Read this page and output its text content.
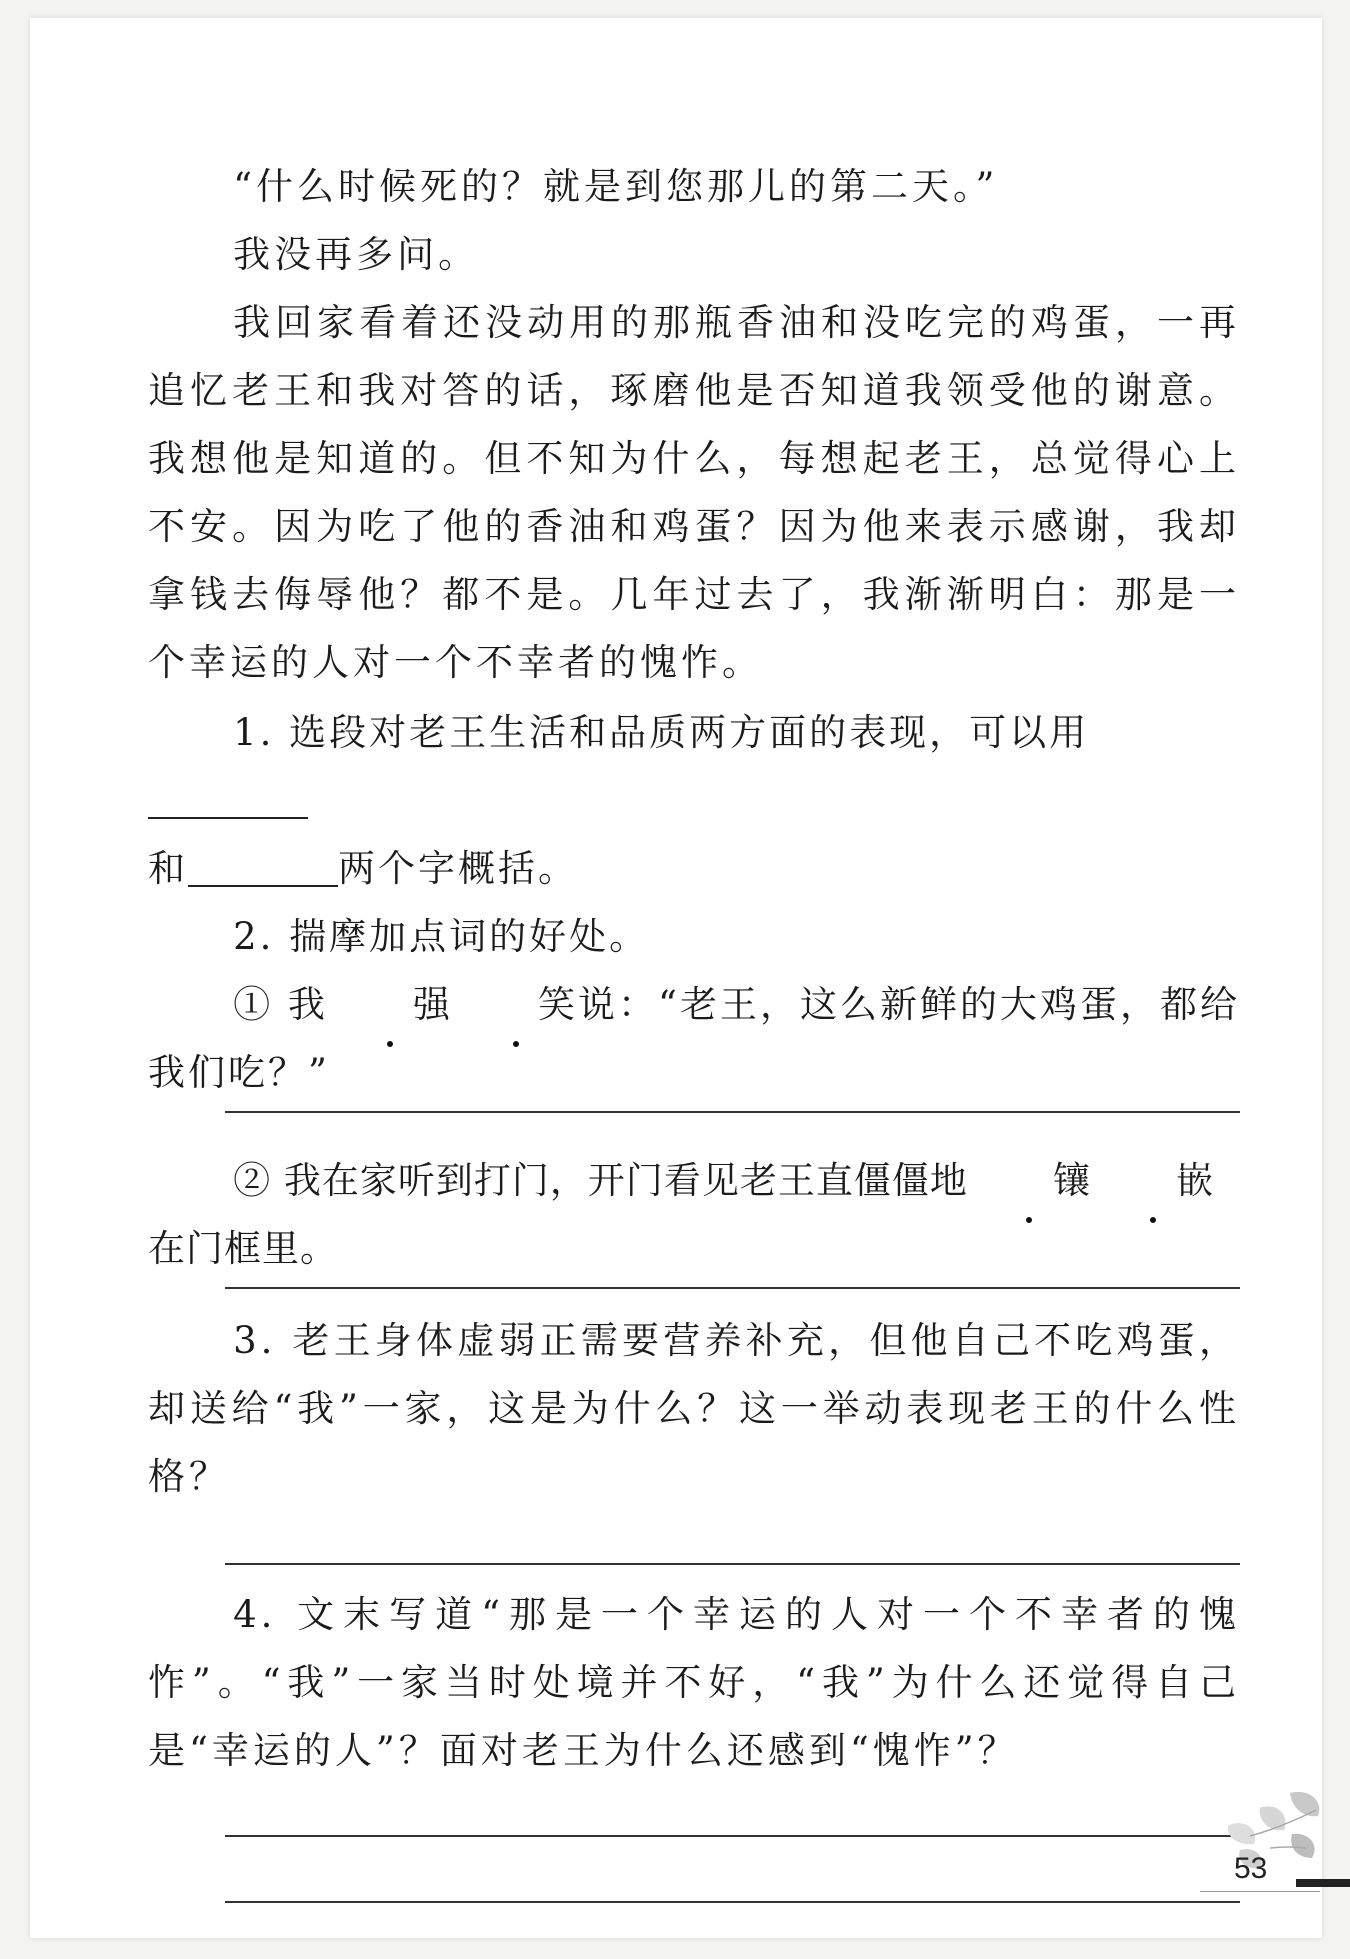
“什么时候死的？就是到您那儿的第二天。”

我没再多问。

我回家看着还没动用的那瓶香油和没吃完的鸡蛋，一再追忆老王和我对答的话，琢磨他是否知道我领受他的谢意。我想他是知道的。但不知为什么，每想起老王，总觉得心上不安。因为吃了他的香油和鸡蛋？因为他来表示感谢，我却拿钱去侮辱他？都不是。几年过去了，我渐渐明白：那是一个幸运的人对一个不幸者的愧怍。

1. 选段对老王生活和品质两方面的表现，可以用

和	两个字概括。

2. 揣摩加点词的好处。

① 我 强 笑说：“老王，这么新鲜的大鸡蛋，都给我们吃？”

② 我在家听到打门，开门看见老王直僵僵地 镶 嵌在门框里。

3. 老王身体虚弱正需要营养补充，但他自己不吃鸡蛋，却送给“我”一家，这是为什么？这一举动表现老王的什么性格？

4. 文末写道“那是一个幸运的人对一个不幸者的愧怍”。“我”一家当时处境并不好，“我”为什么还觉得自己是“幸运的人”？面对老王为什么还感到“愧怍”？

53
